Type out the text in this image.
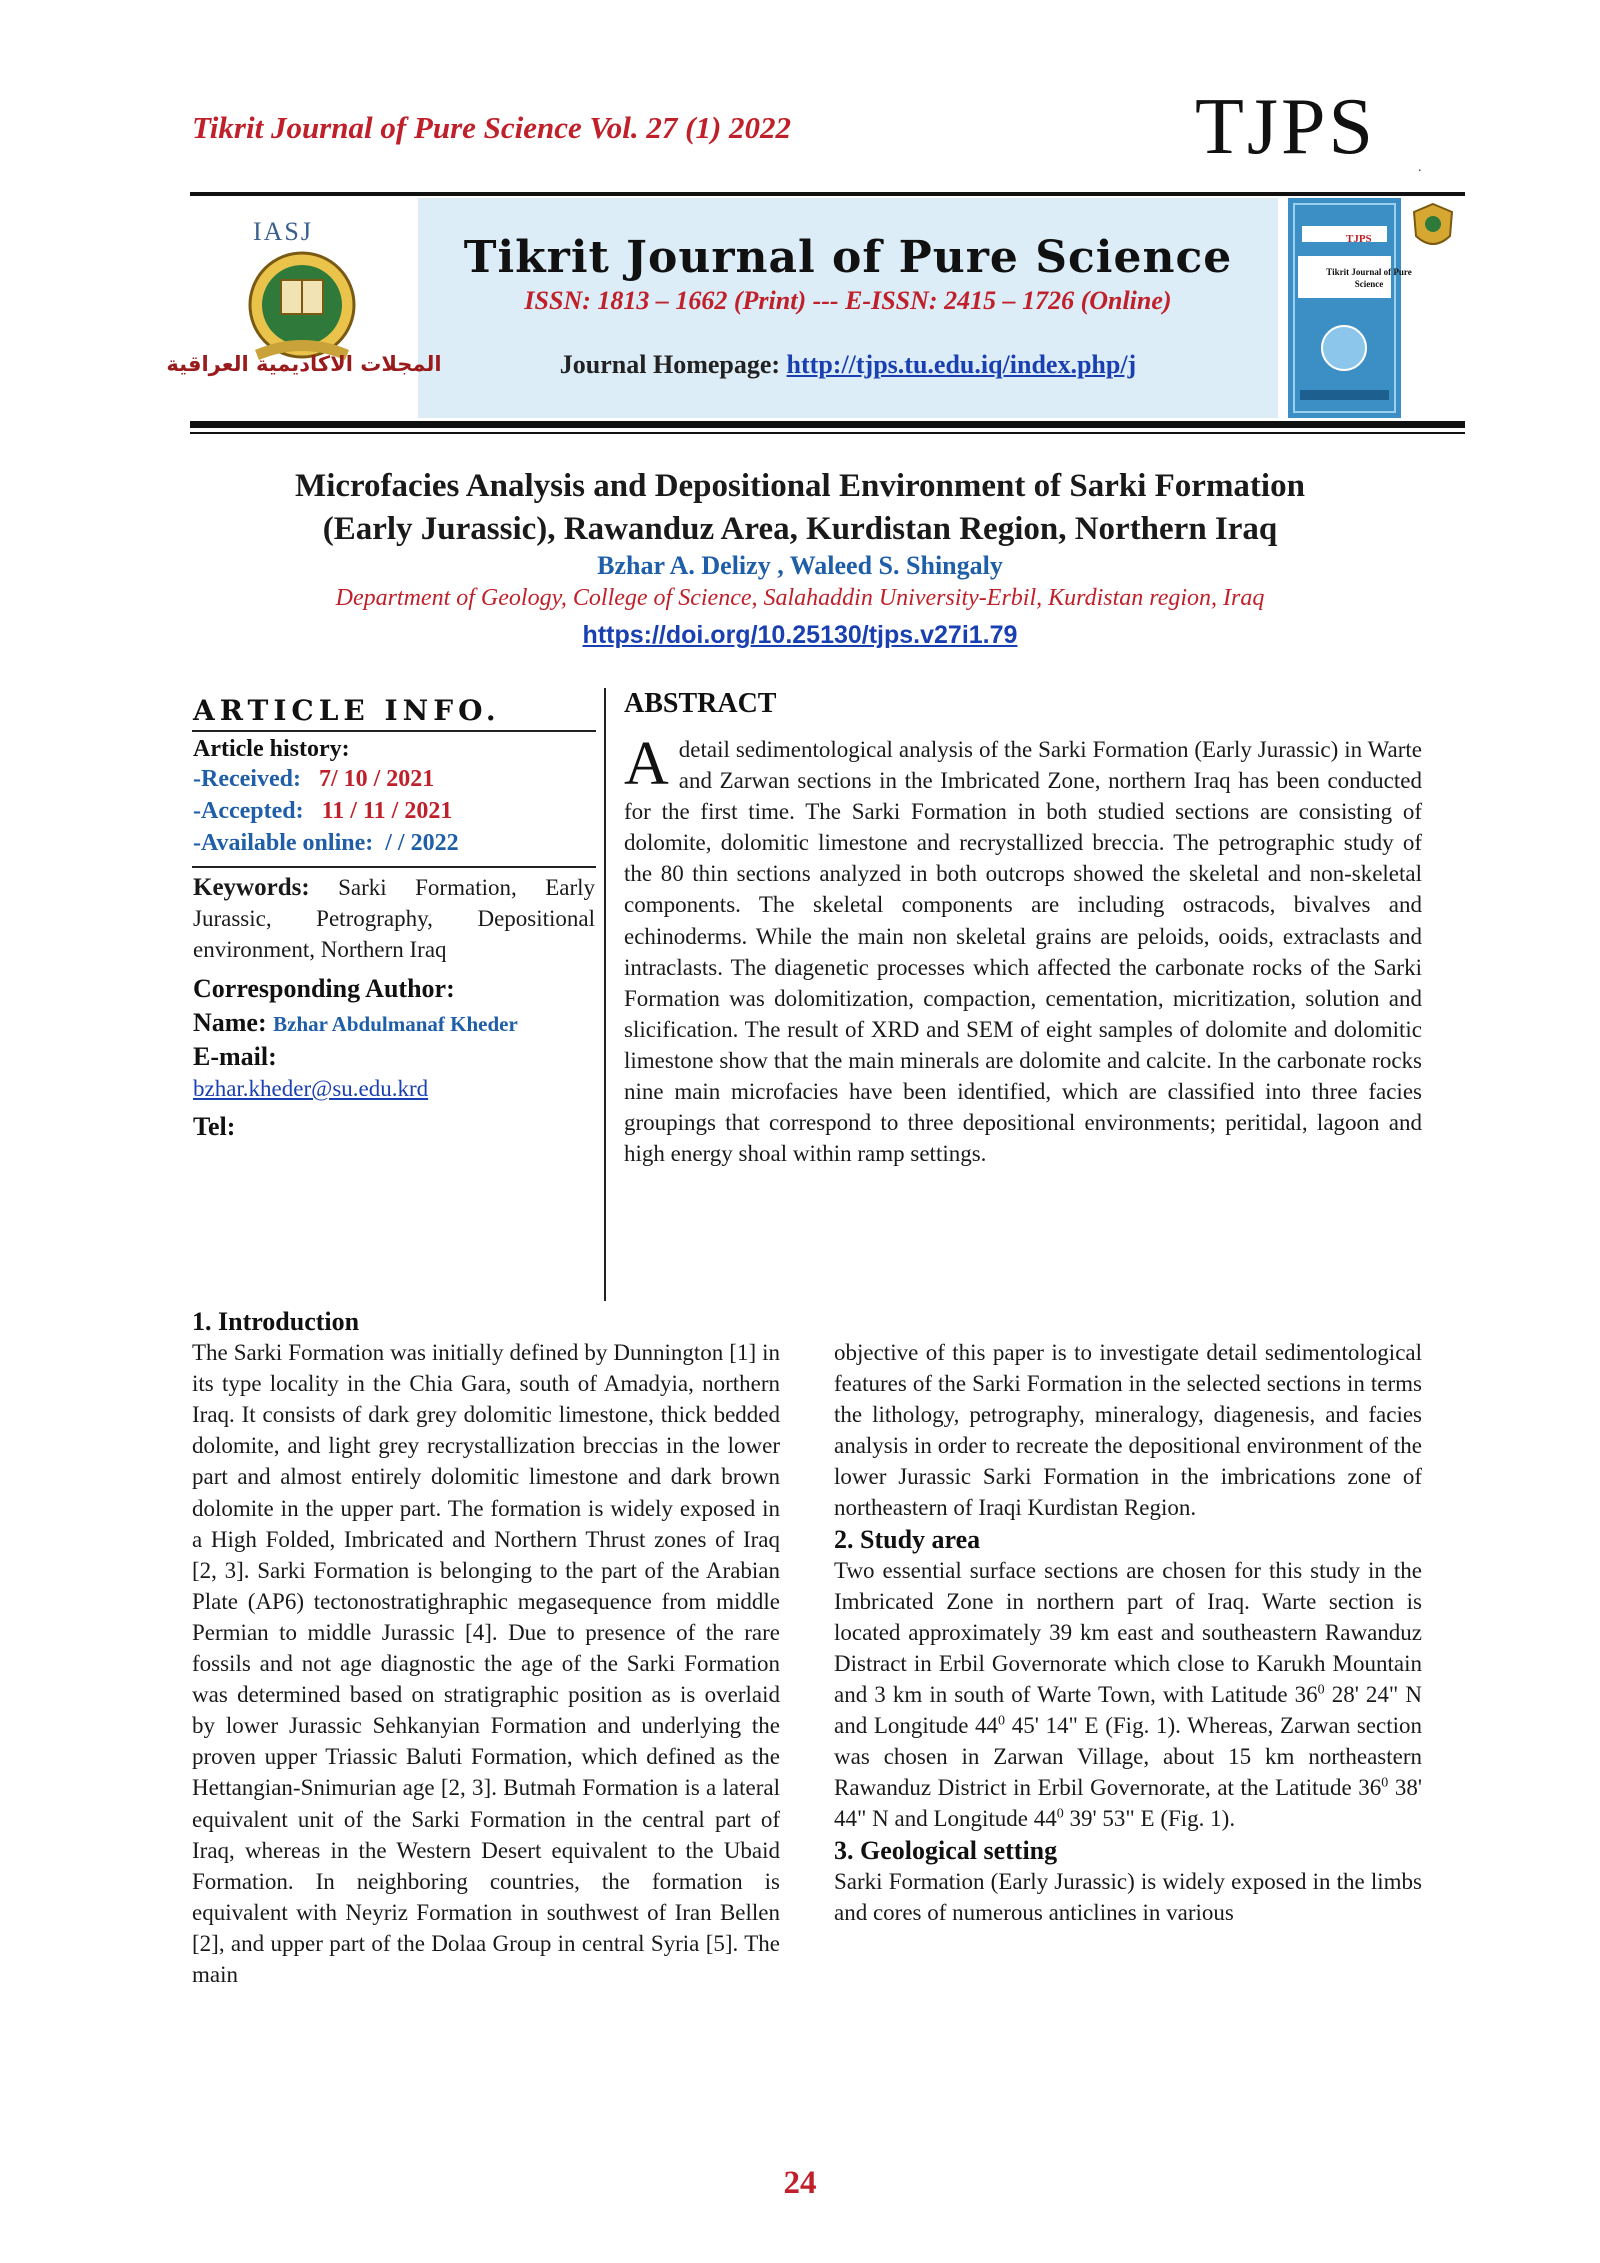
Tikrit Journal of Pure Science Vol. 27 (1) 2022	TJPS	.
IASJ
المجلات الاكاديمية العراقية
Tikrit Journal of Pure Science
ISSN: 1813 – 1662 (Print) --- E-ISSN: 2415 – 1726 (Online)
Journal Homepage: http://tjps.tu.edu.iq/index.php/j
TJPS
Tikrit Journal of Pure Science
Microfacies Analysis and Depositional Environment of Sarki Formation
(Early Jurassic), Rawanduz Area, Kurdistan Region, Northern Iraq
Bzhar A. Delizy , Waleed S. Shingaly
Department of Geology, College of Science, Salahaddin University-Erbil, Kurdistan region, Iraq
https://doi.org/10.25130/tjps.v27i1.79
ARTICLE INFO.
Article history:
-Received: 7/ 10 / 2021
-Accepted: 11 / 11 / 2021
-Available online: / / 2022
Keywords: Sarki Formation, Early Jurassic, Petrography, Depositional environment, Northern Iraq
Corresponding Author:
Name: Bzhar Abdulmanaf Kheder
E-mail:
bzhar.kheder@su.edu.krd
Tel:
ABSTRACT
Adetail sedimentological analysis of the Sarki Formation (Early Jurassic) in Warte and Zarwan sections in the Imbricated Zone, northern Iraq has been conducted for the first time. The Sarki Formation in both studied sections are consisting of dolomite, dolomitic limestone and recrystallized breccia. The petrographic study of the 80 thin sections analyzed in both outcrops showed the skeletal and non-skeletal components. The skeletal components are including ostracods, bivalves and echinoderms. While the main non skeletal grains are peloids, ooids, extraclasts and intraclasts. The diagenetic processes which affected the carbonate rocks of the Sarki Formation was dolomitization, compaction, cementation, micritization, solution and slicification. The result of XRD and SEM of eight samples of dolomite and dolomitic limestone show that the main minerals are dolomite and calcite. In the carbonate rocks nine main microfacies have been identified, which are classified into three facies groupings that correspond to three depositional environments; peritidal, lagoon and high energy shoal within ramp settings.
1. Introduction
The Sarki Formation was initially defined by Dunnington [1] in its type locality in the Chia Gara, south of Amadyia, northern Iraq. It consists of dark grey dolomitic limestone, thick bedded dolomite, and light grey recrystallization breccias in the lower part and almost entirely dolomitic limestone and dark brown dolomite in the upper part. The formation is widely exposed in a High Folded, Imbricated and Northern Thrust zones of Iraq [2, 3]. Sarki Formation is belonging to the part of the Arabian Plate (AP6) tectonostratighraphic megasequence from middle Permian to middle Jurassic [4]. Due to presence of the rare fossils and not age diagnostic the age of the Sarki Formation was determined based on stratigraphic position as is overlaid by lower Jurassic Sehkanyian Formation and underlying the proven upper Triassic Baluti Formation, which defined as the Hettangian-Snimurian age [2, 3]. Butmah Formation is a lateral equivalent unit of the Sarki Formation in the central part of Iraq, whereas in the Western Desert equivalent to the Ubaid Formation. In neighboring countries, the formation is equivalent with Neyriz Formation in southwest of Iran Bellen [2], and upper part of the Dolaa Group in central Syria [5]. The main
objective of this paper is to investigate detail sedimentological features of the Sarki Formation in the selected sections in terms the lithology, petrography, mineralogy, diagenesis, and facies analysis in order to recreate the depositional environment of the lower Jurassic Sarki Formation in the imbrications zone of northeastern of Iraqi Kurdistan Region.
2. Study area
Two essential surface sections are chosen for this study in the Imbricated Zone in northern part of Iraq. Warte section is located approximately 39 km east and southeastern Rawanduz Distract in Erbil Governorate which close to Karukh Mountain and 3 km in south of Warte Town, with Latitude $36^0$ 28' 24" N and Longitude $44^0$ 45' 14" E (Fig. 1). Whereas, Zarwan section was chosen in Zarwan Village, about 15 km northeastern Rawanduz District in Erbil Governorate, at the Latitude $36^0$ 38' 44" N and Longitude $44^0$ 39' 53" E (Fig. 1).
3. Geological setting
Sarki Formation (Early Jurassic) is widely exposed in the limbs and cores of numerous anticlines in various
24
